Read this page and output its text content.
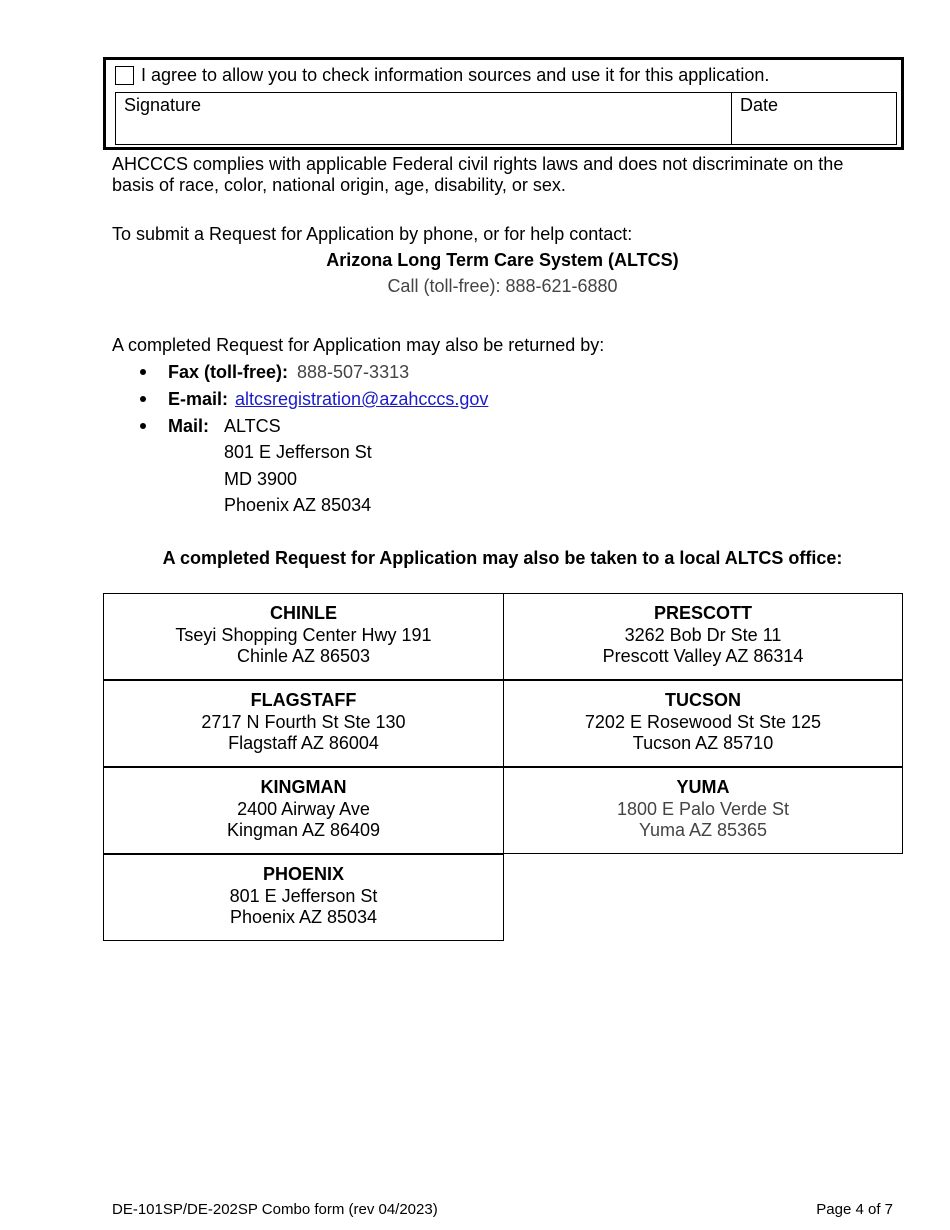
I agree to allow you to check information sources and use it for this application.
Signature	Date
AHCCCS complies with applicable Federal civil rights laws and does not discriminate on the
basis of race, color, national origin, age, disability, or sex.
To submit a Request for Application by phone, or for help contact:
Arizona Long Term Care System (ALTCS)
Call (toll-free): 888-621-6880
A completed Request for Application may also be returned by:
Fax (toll-free): 888-507-3313
E-mail: altcsregistration@azahcccs.gov
Mail: ALTCS
801 E Jefferson St
MD 3900
Phoenix AZ 85034
A completed Request for Application may also be taken to a local ALTCS office:
CHINLE
Tseyi Shopping Center Hwy 191
Chinle AZ 86503
PRESCOTT
3262 Bob Dr Ste 11
Prescott Valley AZ 86314
FLAGSTAFF
2717 N Fourth St Ste 130
Flagstaff AZ 86004
TUCSON
7202 E Rosewood St Ste 125
Tucson AZ 85710
KINGMAN
2400 Airway Ave
Kingman AZ 86409
YUMA
1800 E Palo Verde St
Yuma AZ 85365
PHOENIX
801 E Jefferson St
Phoenix AZ 85034
DE-101SP/DE-202SP Combo form (rev 04/2023)	Page 4 of 7
